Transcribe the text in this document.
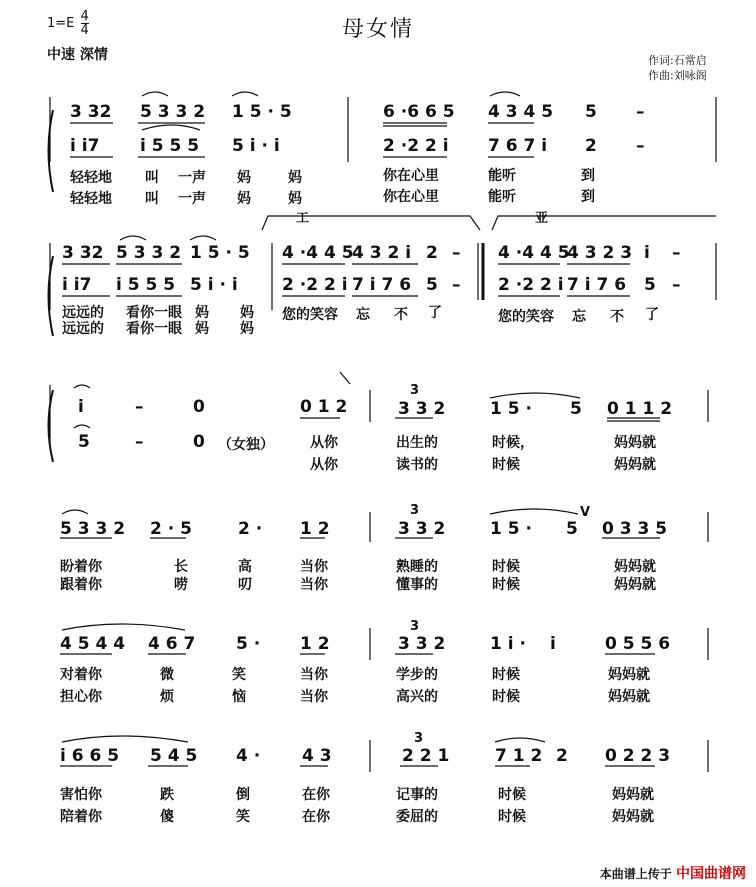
$1=E \frac{4}{4}$	母女情
中速 深情	作词:石常启
作曲:刘咏阁
3 32 5 3 3 2 1 5 · 5	6 ·6 6 5 4 3 4 5 5 –
i i7 i 5 5 5 5 i · i	2 ·2 2 i 7 6 7 i 2 –
轻轻地 叫 一声 妈	妈	你在心里	能听	到
轻轻地 叫 一声 妈	妈	你在心里	能听	到
工	亚
3 32 5 3 3 2 1 5 · 5 4 ·4 4 5
4 3 2 i 2 – 4 ·4 4 5
4 3 2 3 i –
i i7 i 5 5 5 5 i · i	2 ·2 2 i 7 i 7 6 5 – 2 ·2 2 i 7 i 7 6 5 –
远远的 看你一眼 妈 妈 您的笑容 忘 不 了	您的笑容 忘 不 了
远远的 看你一眼 妈 妈
i	–	0	0 1 2	3 3 2	1 5 · 5 0 1 1 2
3
5	–	0 （女独）	从你	出生的	时候，	妈妈就
从你	读书的	时候	妈妈就
5 3 3 2 2 · 5	2 · 1 2	3 3 2	1 5 · 5 0 3 3 5
3	V
盼着你	长	高	当你	熟睡的	时候	妈妈就
跟着你	唠	叨	当你	懂事的	时候	妈妈就
4 5 4 4 4 6 7 5 · 1 2	3 3 2	1 i · i	0 5 5 6
3
对着你	微	笑	当你	学步的	时候	妈妈就
担心你	烦	恼	当你	高兴的	时候	妈妈就
i 6 6 5 5 4 5 4 · 4 3	2 2 1	7 1 2 2 0 2 2 3
3
害怕你	跌	倒	在你	记事的	时候	妈妈就
陪着你	傻	笑	在你	委屈的	时候	妈妈就
本曲谱上传于 中国曲谱网
